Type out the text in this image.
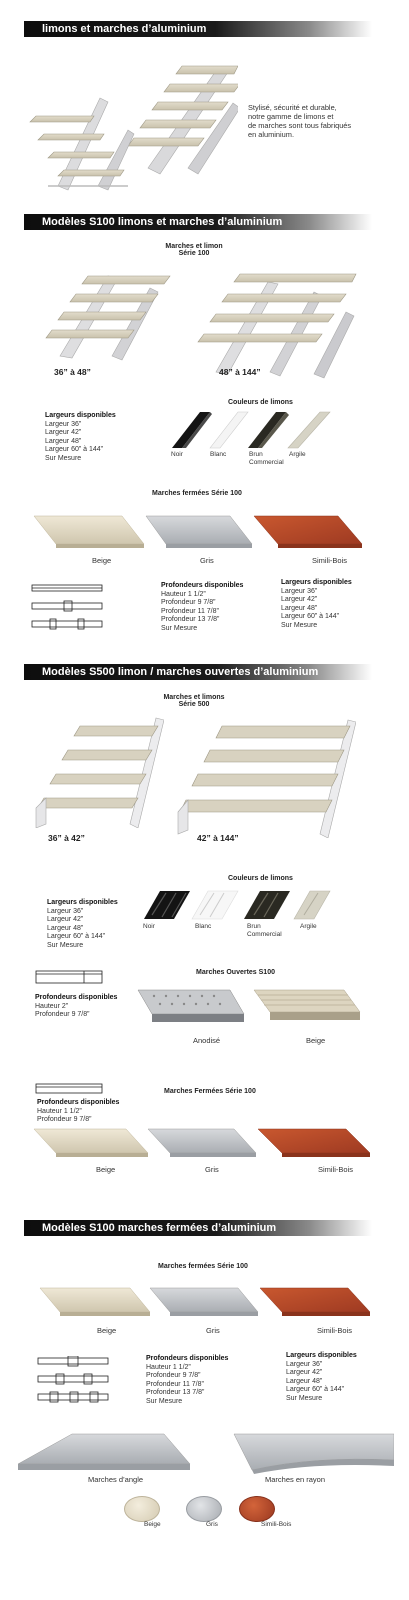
limons et marches d’aluminium
Stylisé, sécurité et durable,
notre gamme de limons et
de marches sont tous fabriqués
en aluminium.
Modèles S100 limons et marches d’aluminium
Marches et limon
Série 100
36” à 48”	48” à 144”
Largeurs disponibles
Largeur 36”
Largeur 42”
Largeur 48”
Largeur 60” à 144”
Sur Mesure
Couleurs de limons
Noir	Blanc	Brun
Commercial
Argile
Marches fermées Série 100
Beige	Gris	Simili-Bois
Profondeurs disponibles
Hauteur 1 1/2”
Profondeur 9 7/8”
Profondeur 11 7/8”
Profondeur 13 7/8”
Sur Mesure
Largeurs disponibles
Largeur 36”
Largeur 42”
Largeur 48”
Largeur 60” à 144”
Sur Mesure
Modèles S500 limon / marches ouvertes d’aluminium
Marches et limons
Série 500
36” à 42”	42” à 144”
Couleurs de limons
Largeurs disponibles
Largeur 36”
Largeur 42”
Largeur 48”
Largeur 60” à 144”
Sur Mesure
Noir	Blanc	Brun
Commercial
Argile
Marches Ouvertes S100
Profondeurs disponibles
Hauteur 2”
Profondeur 9 7/8”
Anodisé	Beige
Marches Fermées Série 100
Profondeurs disponibles
Hauteur 1 1/2”
Profondeur 9 7/8”
Beige	Gris	Simili-Bois
Modèles S100 marches fermées d’aluminium
Marches fermées Série 100
Beige	Gris	Simili-Bois
Profondeurs disponibles
Hauteur 1 1/2”
Profondeur 9 7/8”
Profondeur 11 7/8”
Profondeur 13 7/8”
Sur Mesure
Largeurs disponibles
Largeur 36”
Largeur 42”
Largeur 48”
Largeur 60” à 144”
Sur Mesure
Marches d’angle	Marches en rayon
Beige	Gris	Simili-Bois
